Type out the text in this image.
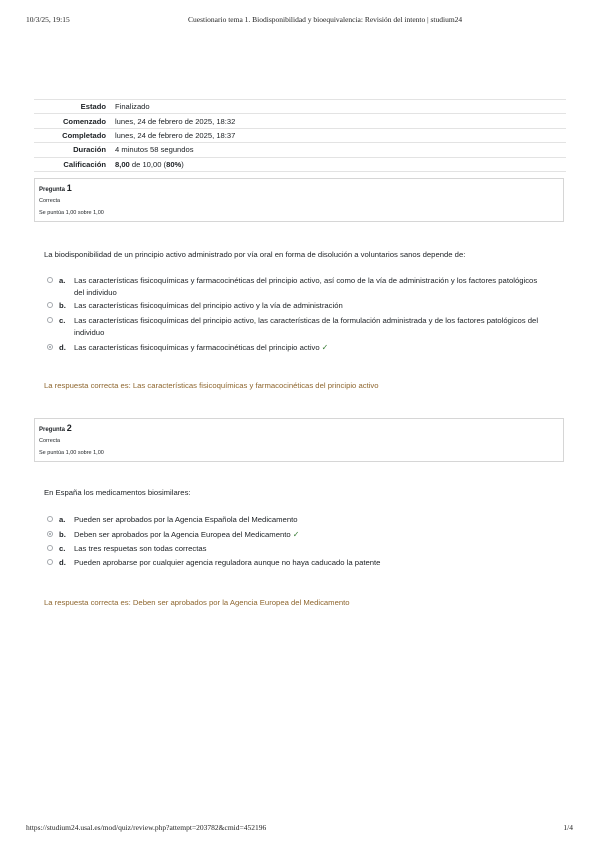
10/3/25, 19:15	Cuestionario tema 1. Biodisponibilidad y bioequivalencia: Revisión del intento | studium24
Estado	Finalizado
Comenzado	lunes, 24 de febrero de 2025, 18:32
Completado	lunes, 24 de febrero de 2025, 18:37
Duración	4 minutos 58 segundos
Calificación	8,00 de 10,00 (80%)
Pregunta 1
Correcta
Se puntúa 1,00 sobre 1,00
La biodisponibilidad de un principio activo administrado por vía oral en forma de disolución a voluntarios sanos depende de:
a. Las características fisicoquímicas y farmacocinéticas del principio activo, así como de la vía de administración y los factores patológicos del individuo
b. Las características fisicoquímicas del principio activo y la vía de administración
c. Las características fisicoquímicas del principio activo, las características de la formulación administrada y de los factores patológicos del individuo
d. Las características fisicoquímicas y farmacocinéticas del principio activo ✓
La respuesta correcta es: Las características fisicoquímicas y farmacocinéticas del principio activo
Pregunta 2
Correcta
Se puntúa 1,00 sobre 1,00
En España los medicamentos biosimilares:
a. Pueden ser aprobados por la Agencia Española del Medicamento
b. Deben ser aprobados por la Agencia Europea del Medicamento ✓
c. Las tres respuetas son todas correctas
d. Pueden aprobarse por cualquier agencia reguladora aunque no haya caducado la patente
La respuesta correcta es: Deben ser aprobados por la Agencia Europea del Medicamento
https://studium24.usal.es/mod/quiz/review.php?attempt=203782&cmid=452196	1/4
